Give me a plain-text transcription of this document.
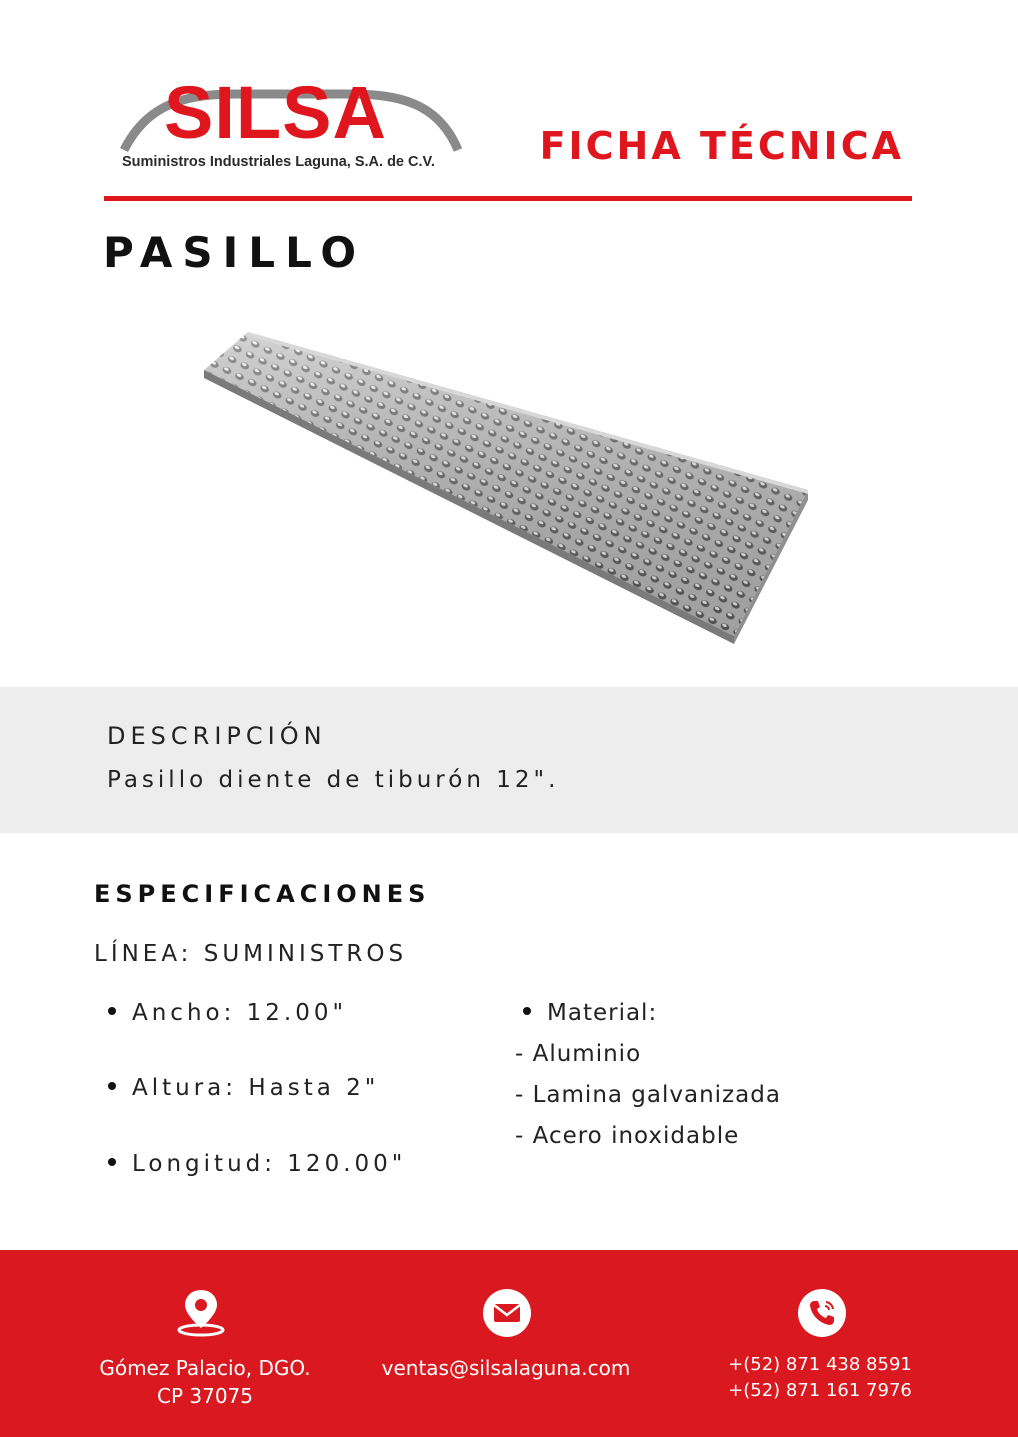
SILSA
Suministros Industriales Laguna, S.A. de C.V.	FICHA TÉCNICA
PASILLO
DESCRIPCIÓN
Pasillo diente de tiburón 12".
ESPECIFICACIONES
LÍNEA: SUMINISTROS
Ancho: 12.00"
Altura: Hasta 2"
Longitud: 120.00"
Material:
- Aluminio
- Lamina galvanizada
- Acero inoxidable
Gómez Palacio, DGO.
CP 37075
ventas@silsalaguna.com	+(52) 871 438 8591
+(52) 871 161 7976
